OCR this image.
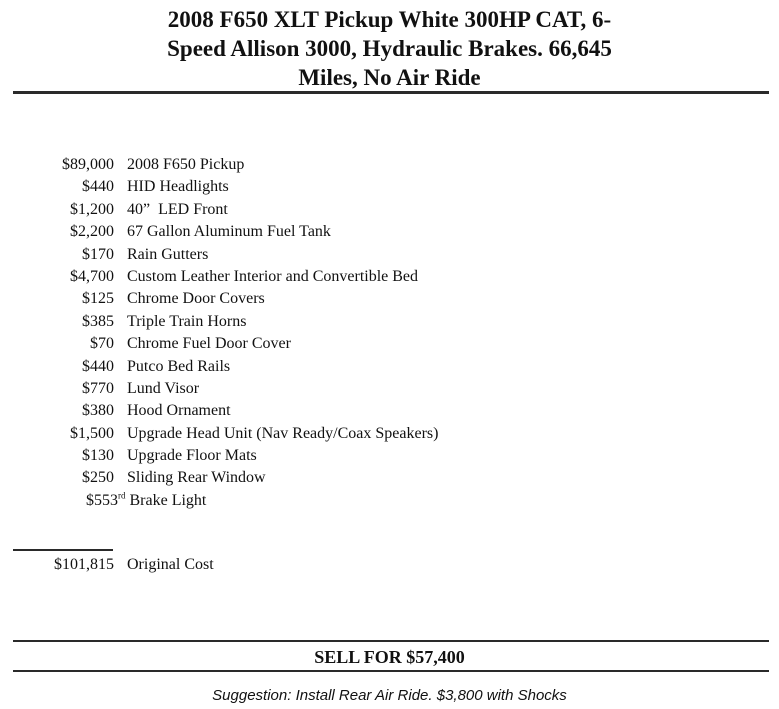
2008 F650 XLT Pickup White 300HP CAT, 6-
Speed Allison 3000, Hydraulic Brakes. 66,645
Miles, No Air Ride
$89,000 2008 F650 Pickup
$440 HID Headlights
$1,200 40”  LED Front
$2,200 67 Gallon Aluminum Fuel Tank
$170 Rain Gutters
$4,700 Custom Leather Interior and Convertible Bed
$125 Chrome Door Covers
$385 Triple Train Horns
$70 Chrome Fuel Door Cover
$440 Putco Bed Rails
$770 Lund Visor
$380 Hood Ornament
$1,500 Upgrade Head Unit (Nav Ready/Coax Speakers)
$130 Upgrade Floor Mats
$250 Sliding Rear Window
$553rd Brake Light
$101,815 Original Cost
SELL FOR $57,400
Suggestion: Install Rear Air Ride. $3,800 with Shocks
